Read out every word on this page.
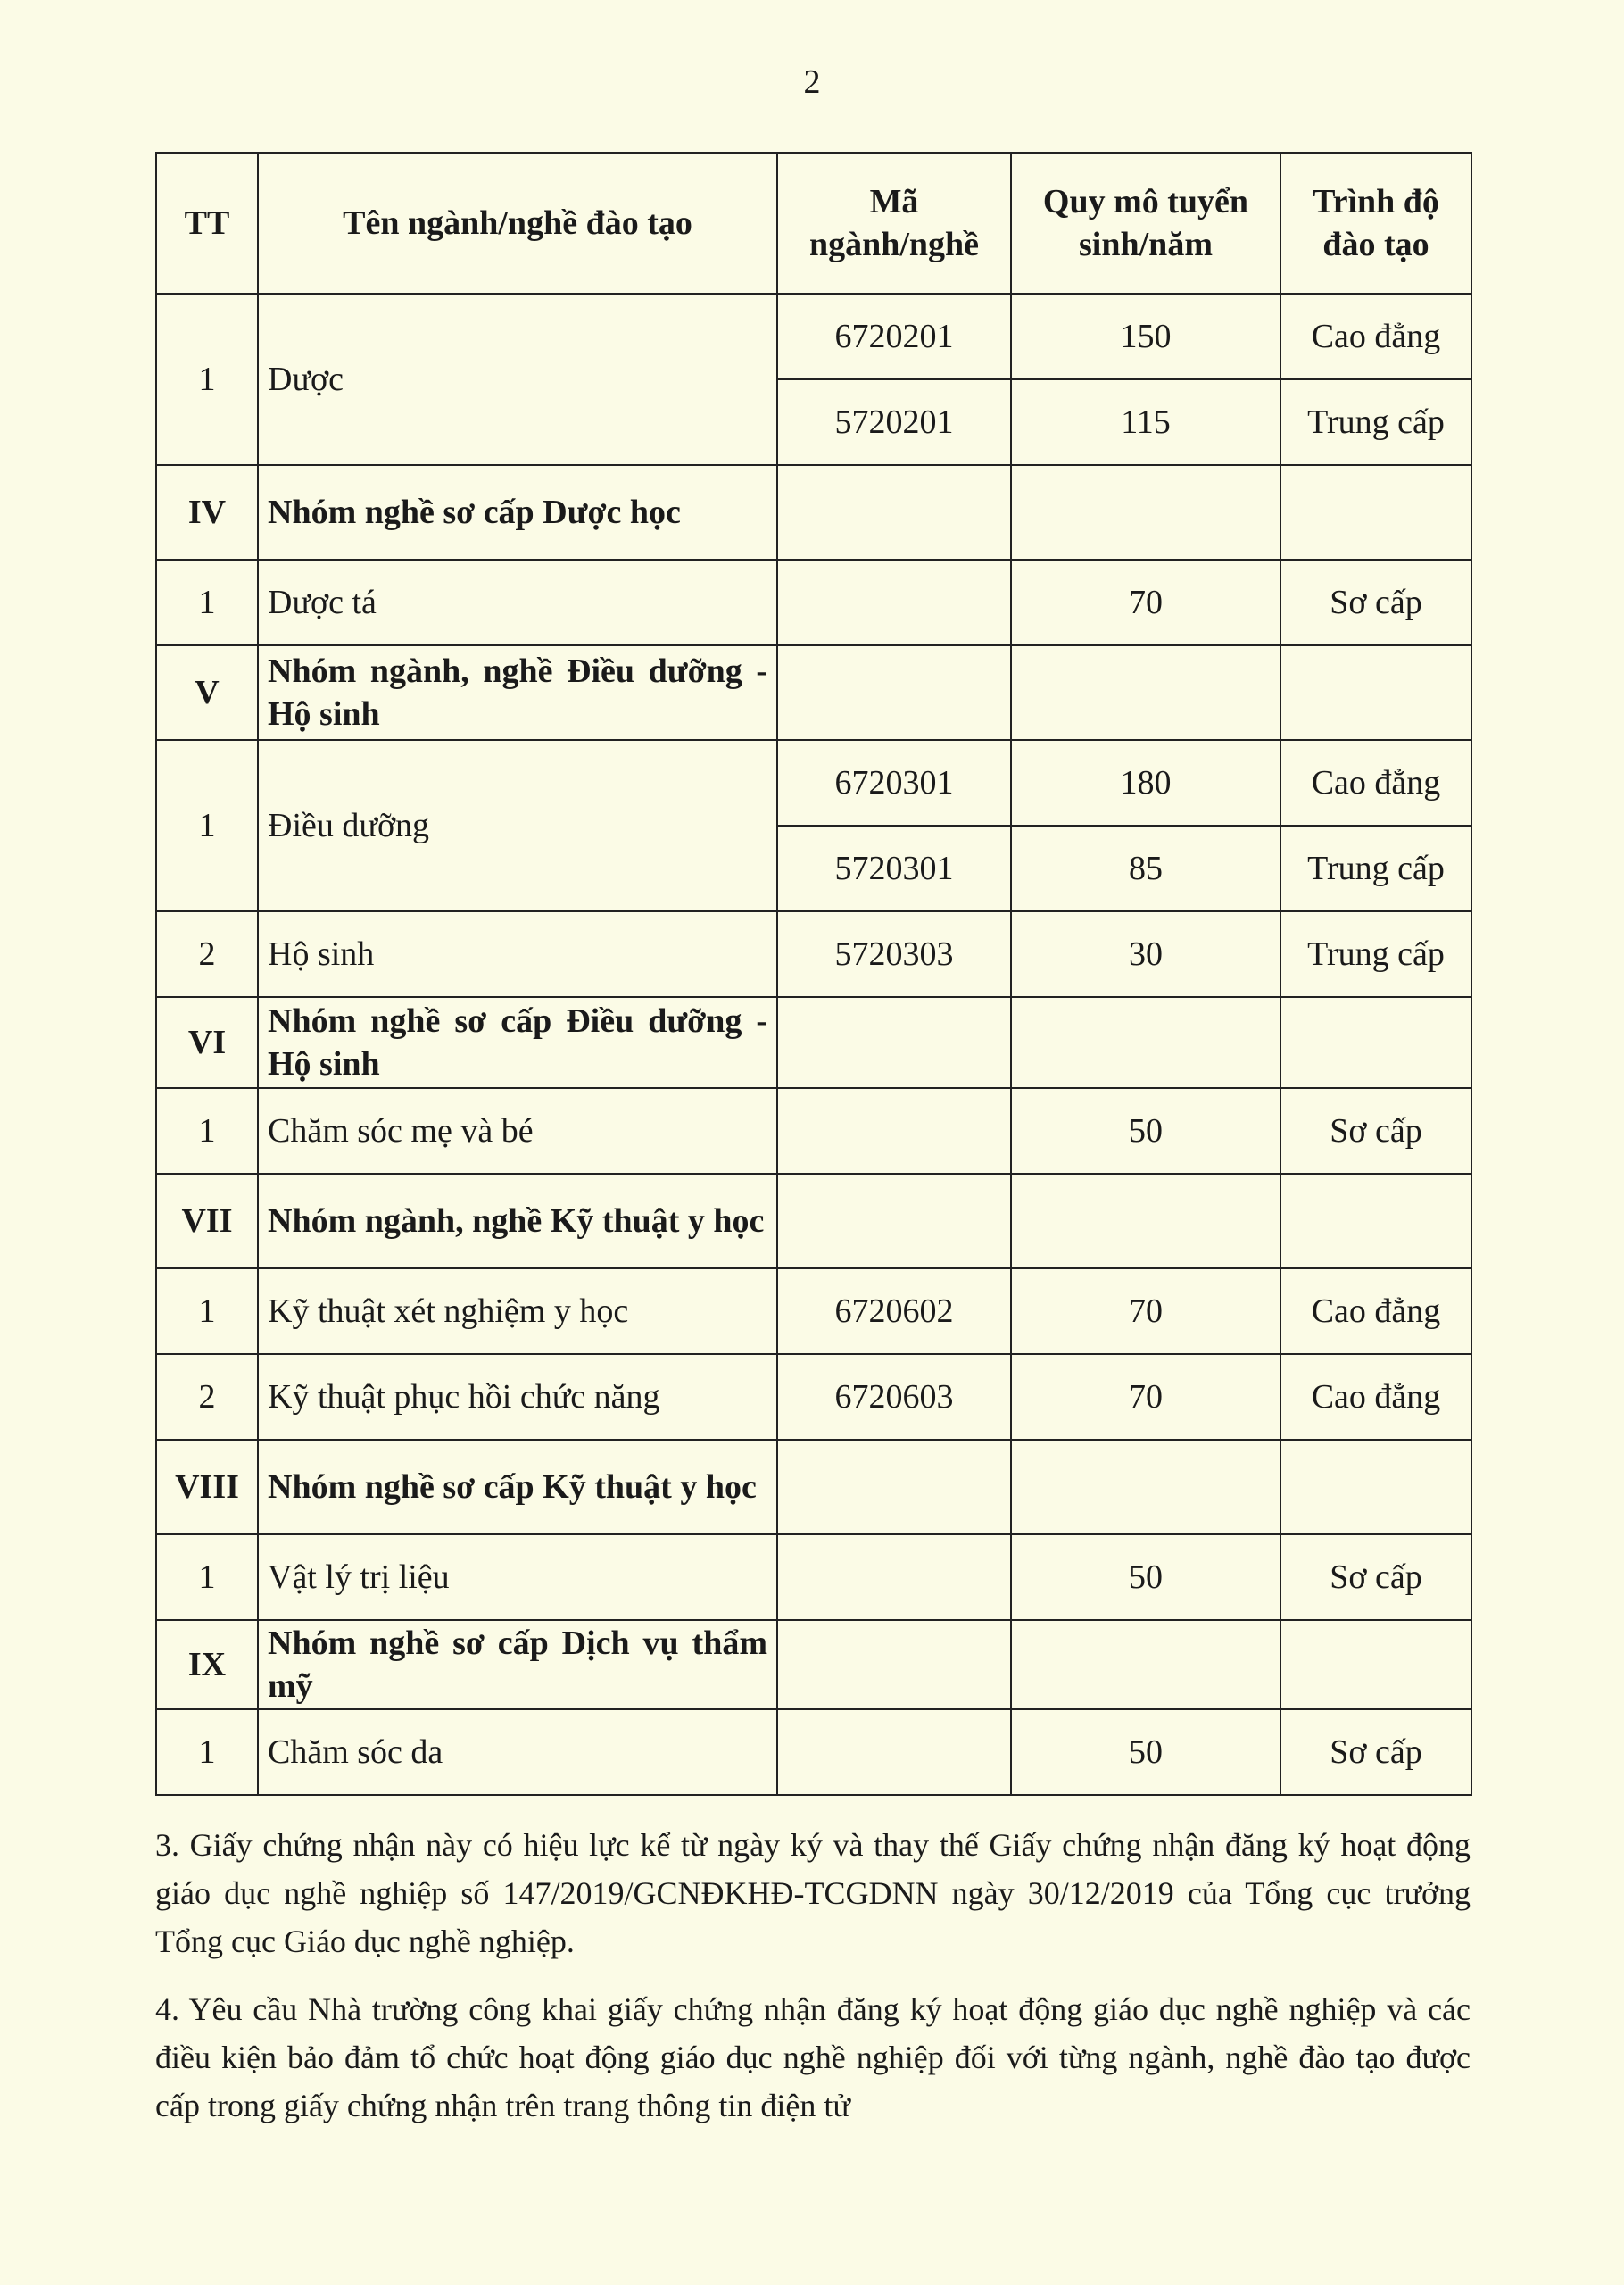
2
TT	Tên ngành/nghề đào tạo	Mã ngành/nghề	Quy mô tuyển sinh/năm	Trình độ đào tạo
1	Dược	6720201	150	Cao đẳng
		5720201	115	Trung cấp
IV	Nhóm nghề sơ cấp Dược học			
1	Dược tá		70	Sơ cấp
V	Nhóm ngành, nghề Điều dưỡng - Hộ sinh			
1	Điều dưỡng	6720301	180	Cao đẳng
		5720301	85	Trung cấp
2	Hộ sinh	5720303	30	Trung cấp
VI	Nhóm nghề sơ cấp Điều dưỡng - Hộ sinh			
1	Chăm sóc mẹ và bé		50	Sơ cấp
VII	Nhóm ngành, nghề Kỹ thuật y học			
1	Kỹ thuật xét nghiệm y học	6720602	70	Cao đẳng
2	Kỹ thuật phục hồi chức năng	6720603	70	Cao đẳng
VIII	Nhóm nghề sơ cấp Kỹ thuật y học			
1	Vật lý trị liệu		50	Sơ cấp
IX	Nhóm nghề sơ cấp Dịch vụ thẩm mỹ			
1	Chăm sóc da		50	Sơ cấp

3. Giấy chứng nhận này có hiệu lực kể từ ngày ký và thay thế Giấy chứng nhận đăng ký hoạt động giáo dục nghề nghiệp số 147/2019/GCNĐKHĐ-TCGDNN ngày 30/12/2019 của Tổng cục trưởng Tổng cục Giáo dục nghề nghiệp.

4. Yêu cầu Nhà trường công khai giấy chứng nhận đăng ký hoạt động giáo dục nghề nghiệp và các điều kiện bảo đảm tổ chức hoạt động giáo dục nghề nghiệp đối với từng ngành, nghề đào tạo được cấp trong giấy chứng nhận trên trang thông tin điện tử
